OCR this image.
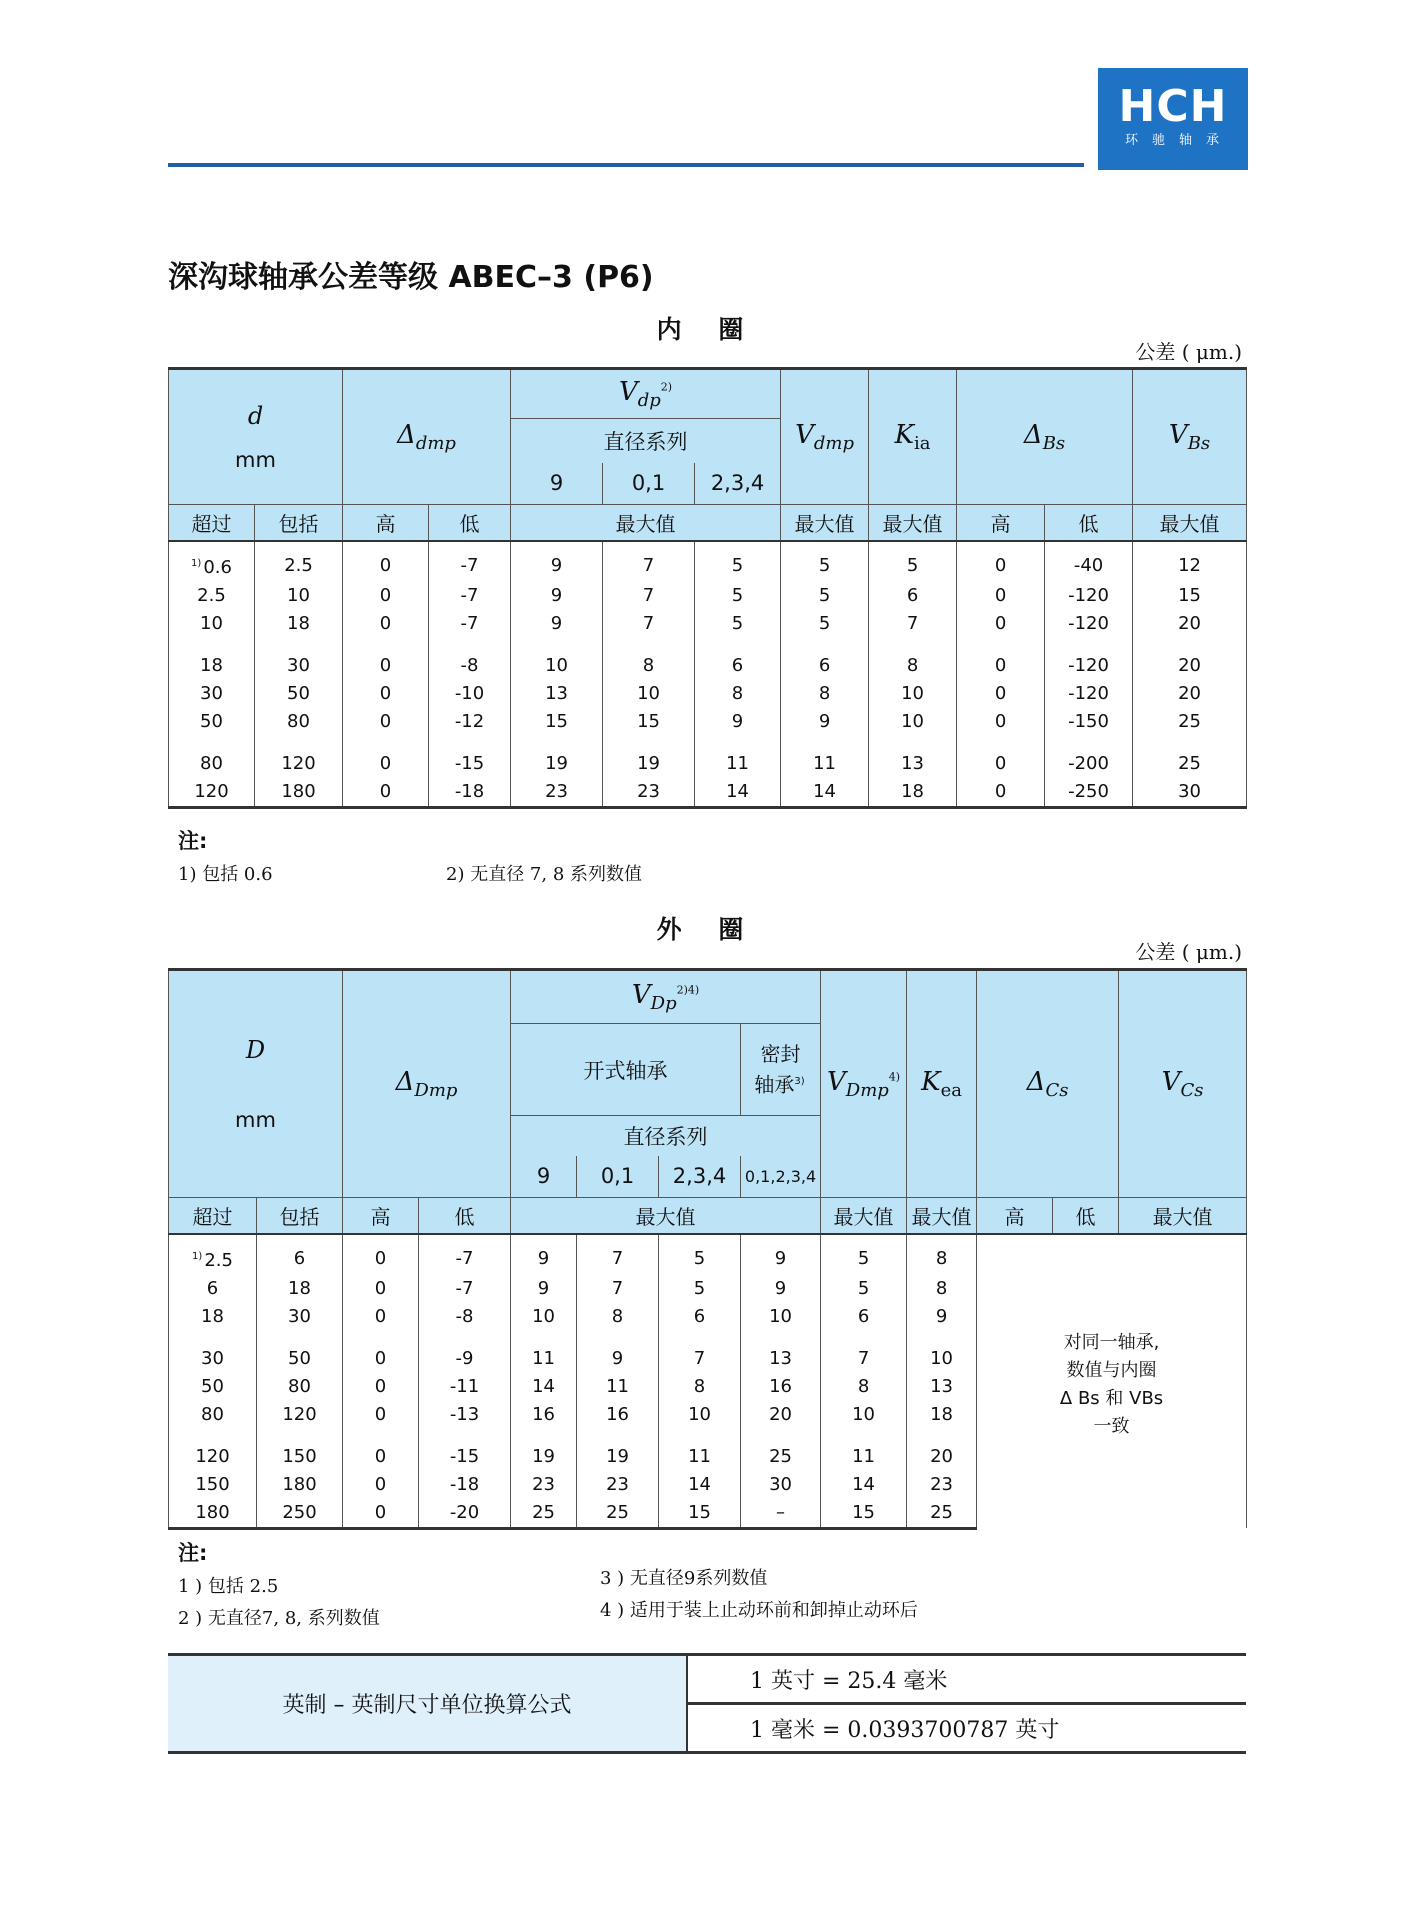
HCH
环驰轴承
深沟球轴承公差等级 ABEC–3 (P6)
内 圈
公差 ( μm.)
d
mm		$\Delta_{dmp}$		$V_{dp}^{2)}$			$V_{dmp}$	$K_{ia}$	$\Delta_{Bs}$		$V_{Bs}$
				直径系列							
				9	0,1	2,3,4					
超过	包括	高	低	最大值			最大值	最大值	高	低	最大值
$^{1)}$ 0.6	2.5	0	-7	9	7	5	5	5	0	-40	12
2.5	10	0	-7	9	7	5	5	6	0	-120	15
10	18	0	-7	9	7	5	5	7	0	-120	20
18	30	0	-8	10	8	6	6	8	0	-120	20
30	50	0	-10	13	10	8	8	10	0	-120	20
50	80	0	-12	15	15	9	9	10	0	-150	25
80	120	0	-15	19	19	11	11	13	0	-200	25
120	180	0	-18	23	23	14	14	18	0	-250	30
注:
1) 包括 0.6	2) 无直径 7, 8 系列数值
外 圈
公差 ( μm.)
D
mm		$\Delta_{Dmp}$		$V_{Dp}^{2)4)}$				$V_{Dmp}^{4)}$	$K_{ea}$	$\Delta_{Cs}$		$V_{Cs}$
				开式轴承			密封
轴承$^{3)}$

				直径系列								
				9	0,1	2,3,4	0,1,2,3,4					
超过	包括	高	低	最大值				最大值	最大值	高	低	最大值
$^{1)}$ 2.5	6	0	-7	9	7	5	9	5	8	对同一轴承,
数值与内圈
Δ Bs 和 VBs
一致		

6	18	0	-7	9	7	5	9	5	8			
18	30	0	-8	10	8	6	10	6	9			
30	50	0	-9	11	9	7	13	7	10			
50	80	0	-11	14	11	8	16	8	13			
80	120	0	-13	16	16	10	20	10	18			
120	150	0	-15	19	19	11	25	11	20			
150	180	0	-18	23	23	14	30	14	23			
180	250	0	-20	25	25	15	–	15	25			
注:
1 ) 包括 2.5
2 ) 无直径7, 8, 系列数值
3 ) 无直径9系列数值
4 ) 适用于装上止动环前和卸掉止动环后
英制 – 英制尺寸单位换算公式	1 英寸 = 25.4 毫米
1 毫米 = 0.0393700787 英寸
